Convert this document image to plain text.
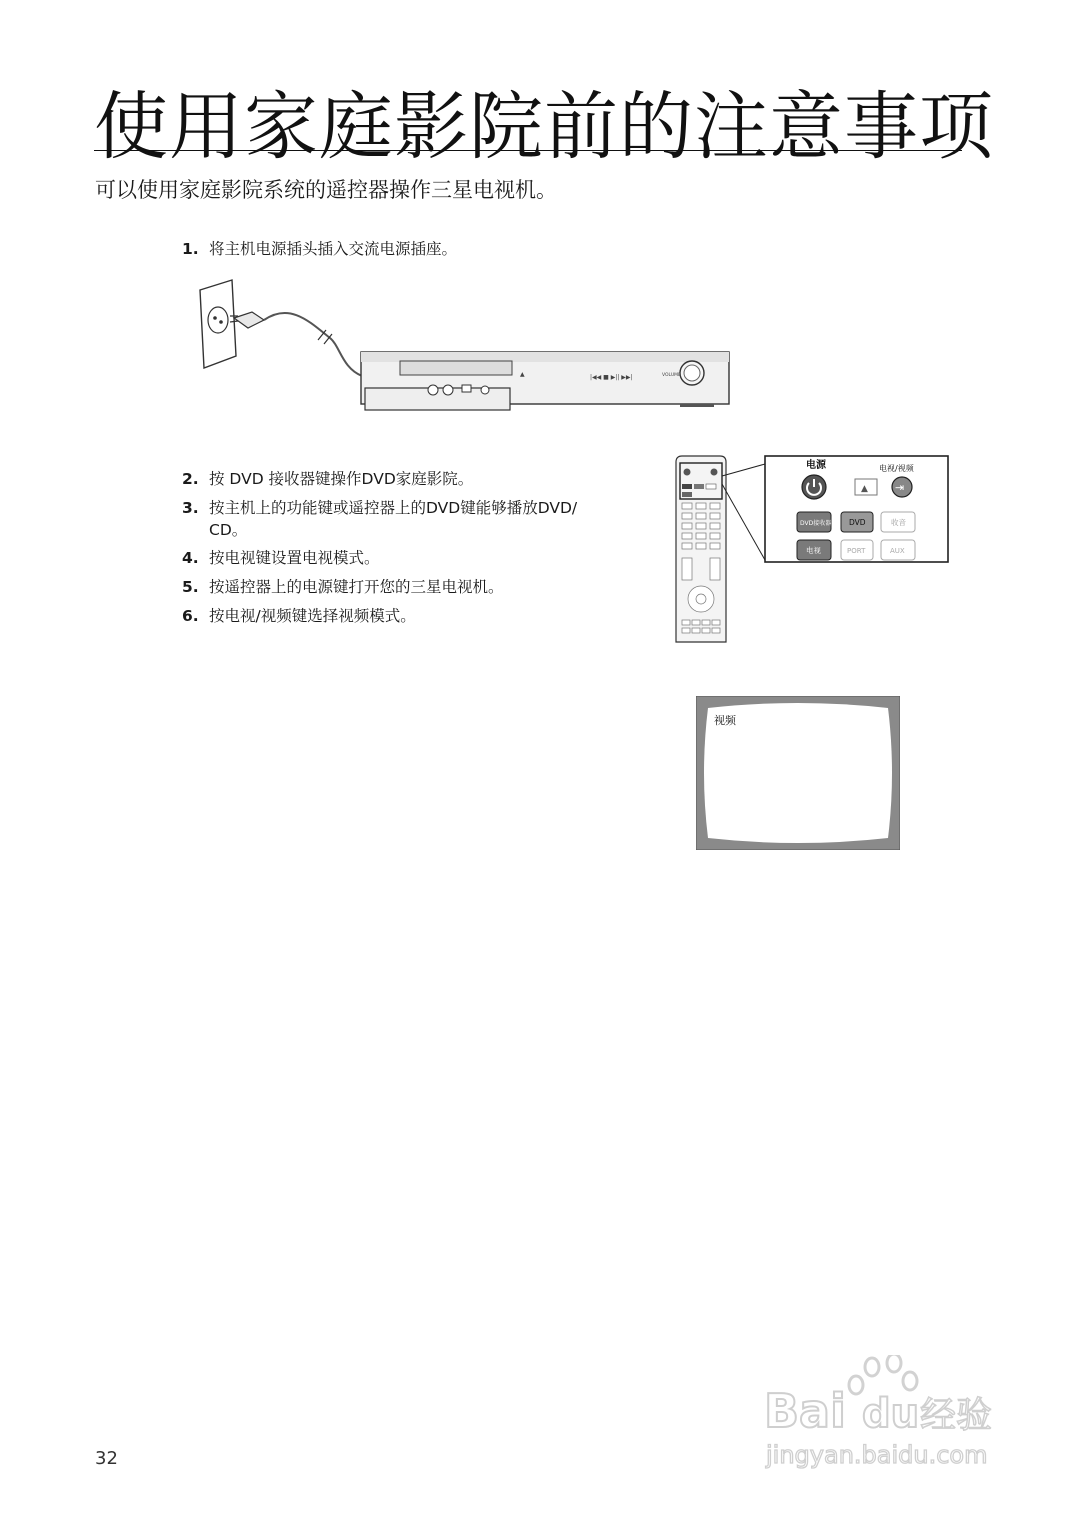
使用家庭影院前的注意事项
可以使用家庭影院系统的遥控器操作三星电视机。
1. 将主机电源插头插入交流电源插座。
▲	|◀◀ ■ ▶|| ▶▶|	VOLUME
2. 按 DVD 接收器键操作DVD家庭影院。
3. 按主机上的功能键或遥控器上的DVD键能够播放DVD/
CD。
4. 按电视键设置电视模式。
5. 按遥控器上的电源键打开您的三星电视机。
6. 按电视/视频键选择视频模式。
电源	电视/视频
▲ ⇥
DVD接收器 DVD	收音
电视	PORT	AUX
视频
Bai du 经验
jingyan.baidu.com
32
